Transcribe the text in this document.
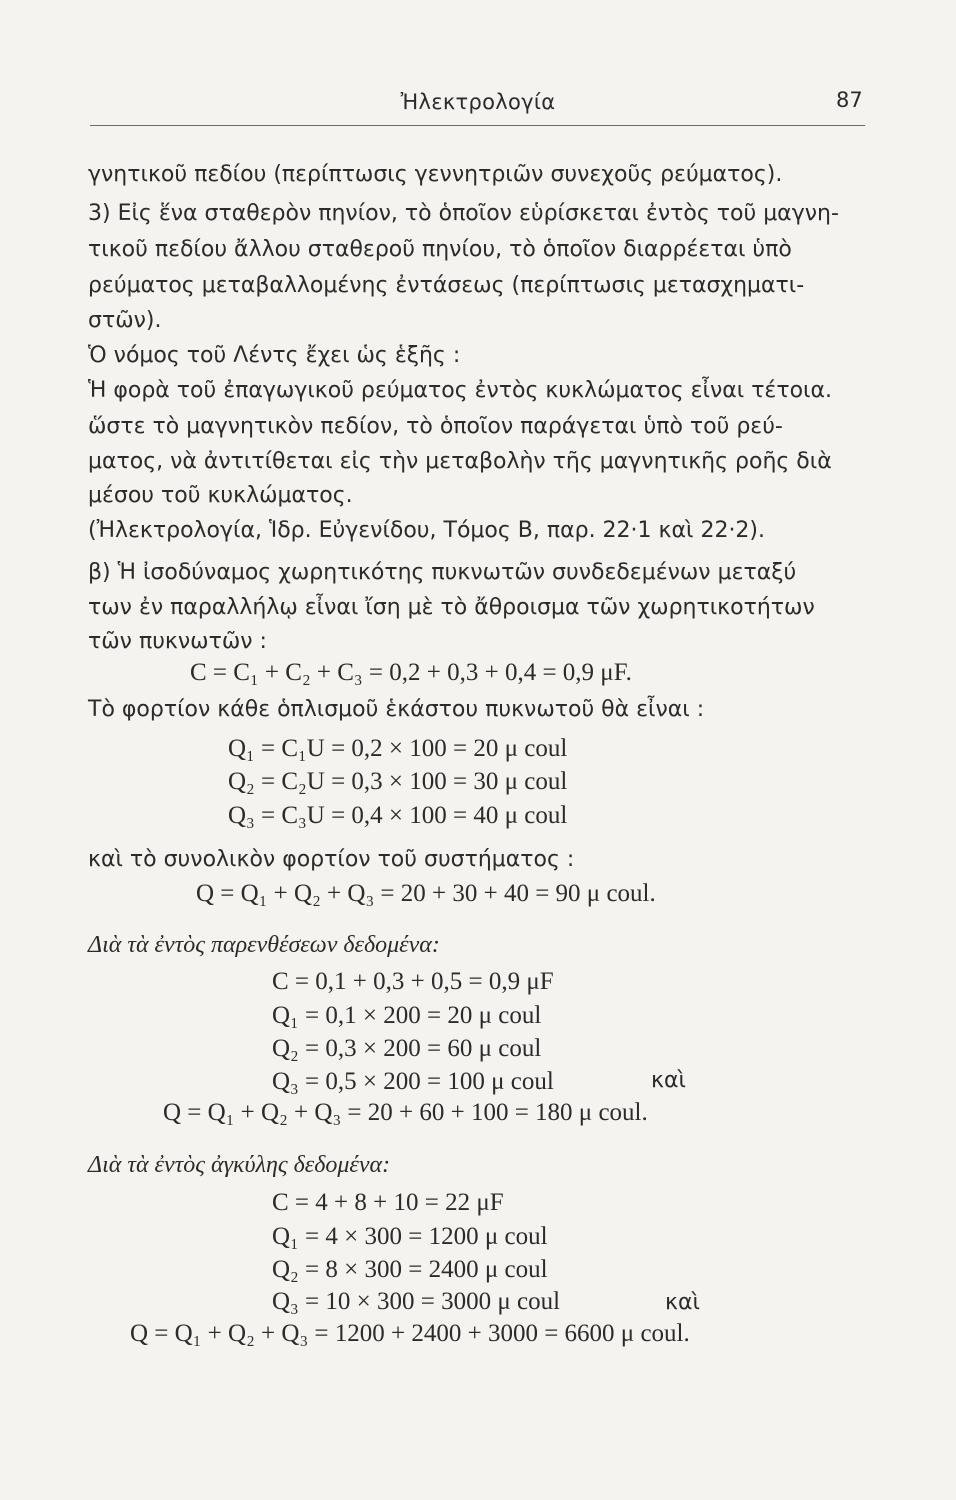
Ἠλεκτρολογία	87
γνητικοῦ πεδίου (περίπτωσις γεννητριῶν συνεχοῦς ρεύματος).
3) Εἰς ἕνα σταθερὸν πηνίον, τὸ ὁποῖον εὑρίσκεται ἐντὸς τοῦ μαγνη-
τικοῦ πεδίου ἄλλου σταθεροῦ πηνίου, τὸ ὁποῖον διαρρέεται ὑπὸ
ρεύματος μεταβαλλομένης ἐντάσεως (περίπτωσις μετασχηματι-
στῶν).
Ὁ νόμος τοῦ Λέντς ἔχει ὡς ἑξῆς :
Ἡ φορὰ τοῦ ἐπαγωγικοῦ ρεύματος ἐντὸς κυκλώματος εἶναι τέτοια.
ὥστε τὸ μαγνητικὸν πεδίον, τὸ ὁποῖον παράγεται ὑπὸ τοῦ ρεύ-
ματος, νὰ ἀντιτίθεται εἰς τὴν μεταβολὴν τῆς μαγνητικῆς ροῆς διὰ
μέσου τοῦ κυκλώματος.
(Ἠλεκτρολογία, Ἱδρ. Εὐγενίδου, Τόμος Β, παρ. 22·1 καὶ 22·2).
β) Ἡ ἰσοδύναμος χωρητικότης πυκνωτῶν συνδεδεμένων μεταξύ
των ἐν παραλλήλῳ εἶναι ἴση μὲ τὸ ἄθροισμα τῶν χωρητικοτήτων
τῶν πυκνωτῶν :
C = C₁ + C₂ + C₃ = 0,2 + 0,3 + 0,4 = 0,9 μF.
Τὸ φορτίον κάθε ὁπλισμοῦ ἑκάστου πυκνωτοῦ θὰ εἶναι :
Q₁ = C₁U = 0,2 × 100 = 20 μ coul
Q₂ = C₂U = 0,3 × 100 = 30 μ coul
Q₃ = C₃U = 0,4 × 100 = 40 μ coul
καὶ τὸ συνολικὸν φορτίον τοῦ συστήματος :
Q = Q₁ + Q₂ + Q₃ = 20 + 30 + 40 = 90 μ coul.
Διὰ τὰ ἐντὸς παρενθέσεων δεδομένα:
C = 0,1 + 0,3 + 0,5 = 0,9 μF
Q₁ = 0,1 × 200 = 20 μ coul
Q₂ = 0,3 × 200 = 60 μ coul
Q₃ = 0,5 × 200 = 100 μ coul	καὶ
Q = Q₁ + Q₂ + Q₃ = 20 + 60 + 100 = 180 μ coul.
Διὰ τὰ ἐντὸς ἀγκύλης δεδομένα:
C = 4 + 8 + 10 = 22 μF
Q₁ = 4 × 300 = 1200 μ coul
Q₂ = 8 × 300 = 2400 μ coul
Q₃ = 10 × 300 = 3000 μ coul	καὶ
Q = Q₁ + Q₂ + Q₃ = 1200 + 2400 + 3000 = 6600 μ coul.
